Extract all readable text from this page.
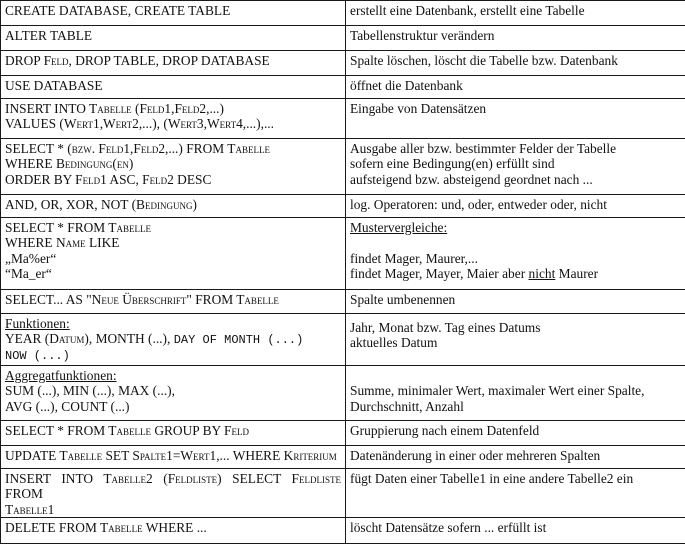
CREATE DATABASE, CREATE TABLE	erstellt eine Datenbank, erstellt eine Tabelle

ALTER TABLE	Tabellenstruktur verändern

DROP Feld, DROP TABLE, DROP DATABASE	Spalte löschen, löscht die Tabelle bzw. Datenbank

USE DATABASE	öffnet die Datenbank

INSERT INTO Tabelle (Feld1,Feld2,...)
VALUES (Wert1,Wert2,...), (Wert3,Wert4,...),...	Eingabe von Datensätzen

SELECT * (bzw. Feld1,Feld2,...) FROM Tabelle
WHERE Bedingung(en)
ORDER BY Feld1 ASC, Feld2 DESC	Ausgabe aller bzw. bestimmter Felder der Tabelle
sofern eine Bedingung(en) erfüllt sind
aufsteigend bzw. absteigend geordnet nach ...

AND, OR, XOR, NOT (Bedingung)	log. Operatoren: und, oder, entweder oder, nicht

SELECT * FROM Tabelle
WHERE Name LIKE
„Ma%er“
“Ma_er“	Mustervergleiche:
findet Mager, Maurer,...
findet Mager, Mayer, Maier aber nicht Maurer

SELECT... AS "Neue Überschrift" FROM Tabelle	Spalte umbenennen

Funktionen:
YEAR (Datum), MONTH (...), DAY OF MONTH (...)
NOW (...)	Jahr, Monat bzw. Tag eines Datums
aktuelles Datum

Aggregatfunktionen:
SUM (...), MIN (...), MAX (...),
AVG (...), COUNT (...)	Summe, minimaler Wert, maximaler Wert einer Spalte,
Durchschnitt, Anzahl

SELECT * FROM Tabelle GROUP BY Feld	Gruppierung nach einem Datenfeld

UPDATE Tabelle SET Spalte1=Wert1,... WHERE Kriterium	Datenänderung in einer oder mehreren Spalten

INSERT INTO Tabelle2 (Feldliste) SELECT Feldliste FROM
Tabelle1	fügt Daten einer Tabelle1 in eine andere Tabelle2 ein

DELETE FROM Tabelle WHERE ...	löscht Datensätze sofern ... erfüllt ist
